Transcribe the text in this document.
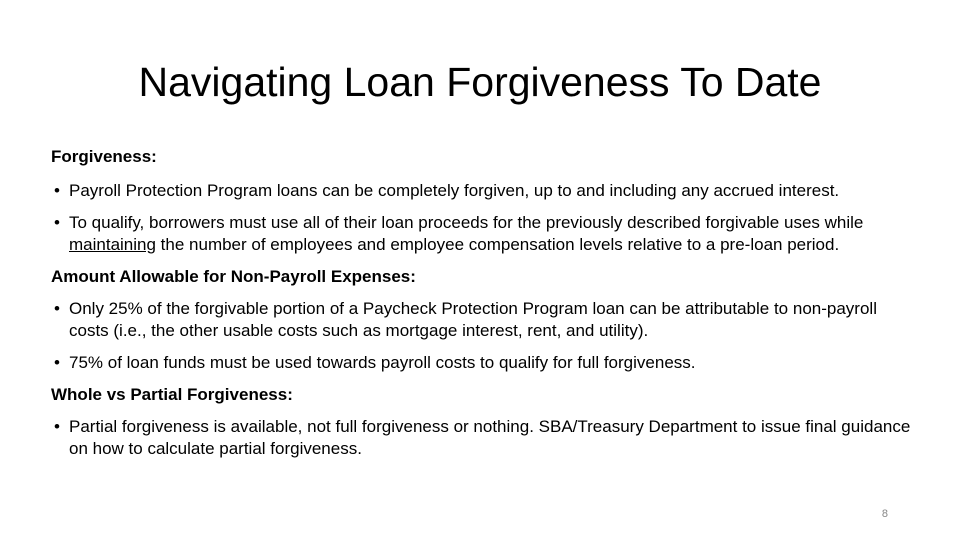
Navigating Loan Forgiveness To Date

Forgiveness:

• Payroll Protection Program loans can be completely forgiven, up to and including any accrued interest.

• To qualify, borrowers must use all of their loan proceeds for the previously described forgivable uses while maintaining the number of employees and employee compensation levels relative to a pre-loan period.

Amount Allowable for Non-Payroll Expenses:

• Only 25% of the forgivable portion of a Paycheck Protection Program loan can be attributable to non-payroll costs (i.e., the other usable costs such as mortgage interest, rent, and utility).

• 75% of loan funds must be used towards payroll costs to qualify for full forgiveness.

Whole vs Partial Forgiveness:

• Partial forgiveness is available, not full forgiveness or nothing. SBA/Treasury Department to issue final guidance on how to calculate partial forgiveness.

8
